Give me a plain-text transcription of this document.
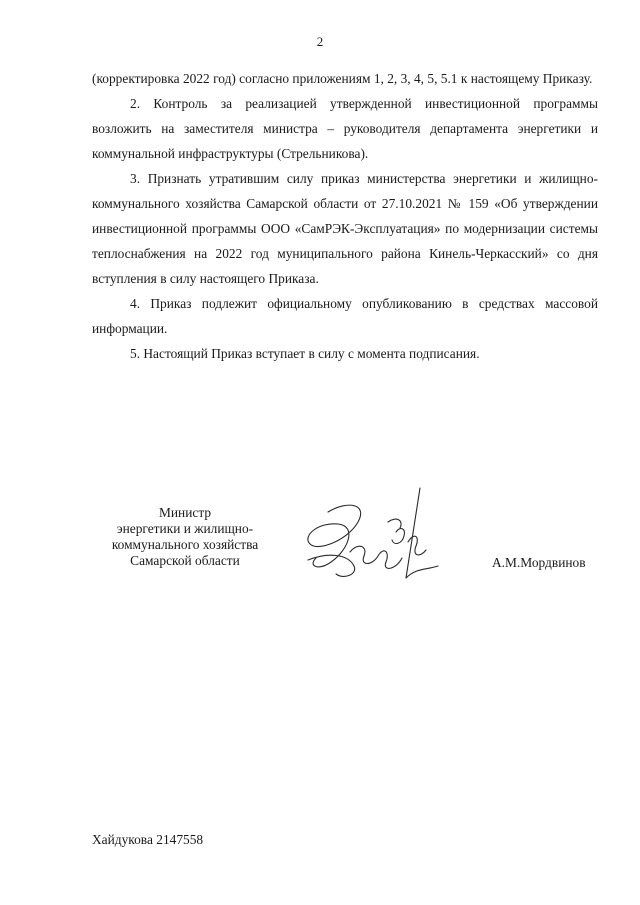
2

(корректировка 2022 год) согласно приложениям 1, 2, 3, 4, 5, 5.1 к настоящему Приказу.

2. Контроль за реализацией утвержденной инвестиционной программы возложить на заместителя министра – руководителя департамента энергетики и коммунальной инфраструктуры (Стрельникова).

3. Признать утратившим силу приказ министерства энергетики и жилищно-коммунального хозяйства Самарской области от 27.10.2021 № 159 «Об утверждении инвестиционной программы ООО «СамРЭК-Эксплуатация» по модернизации системы теплоснабжения на 2022 год муниципального района Кинель-Черкасский» со дня вступления в силу настоящего Приказа.

4. Приказ подлежит официальному опубликованию в средствах массовой информации.

5. Настоящий Приказ вступает в силу с момента подписания.

Министр
энергетики и жилищно-
коммунального хозяйства
Самарской области	А.М.Мордвинов
Хайдукова 2147558
